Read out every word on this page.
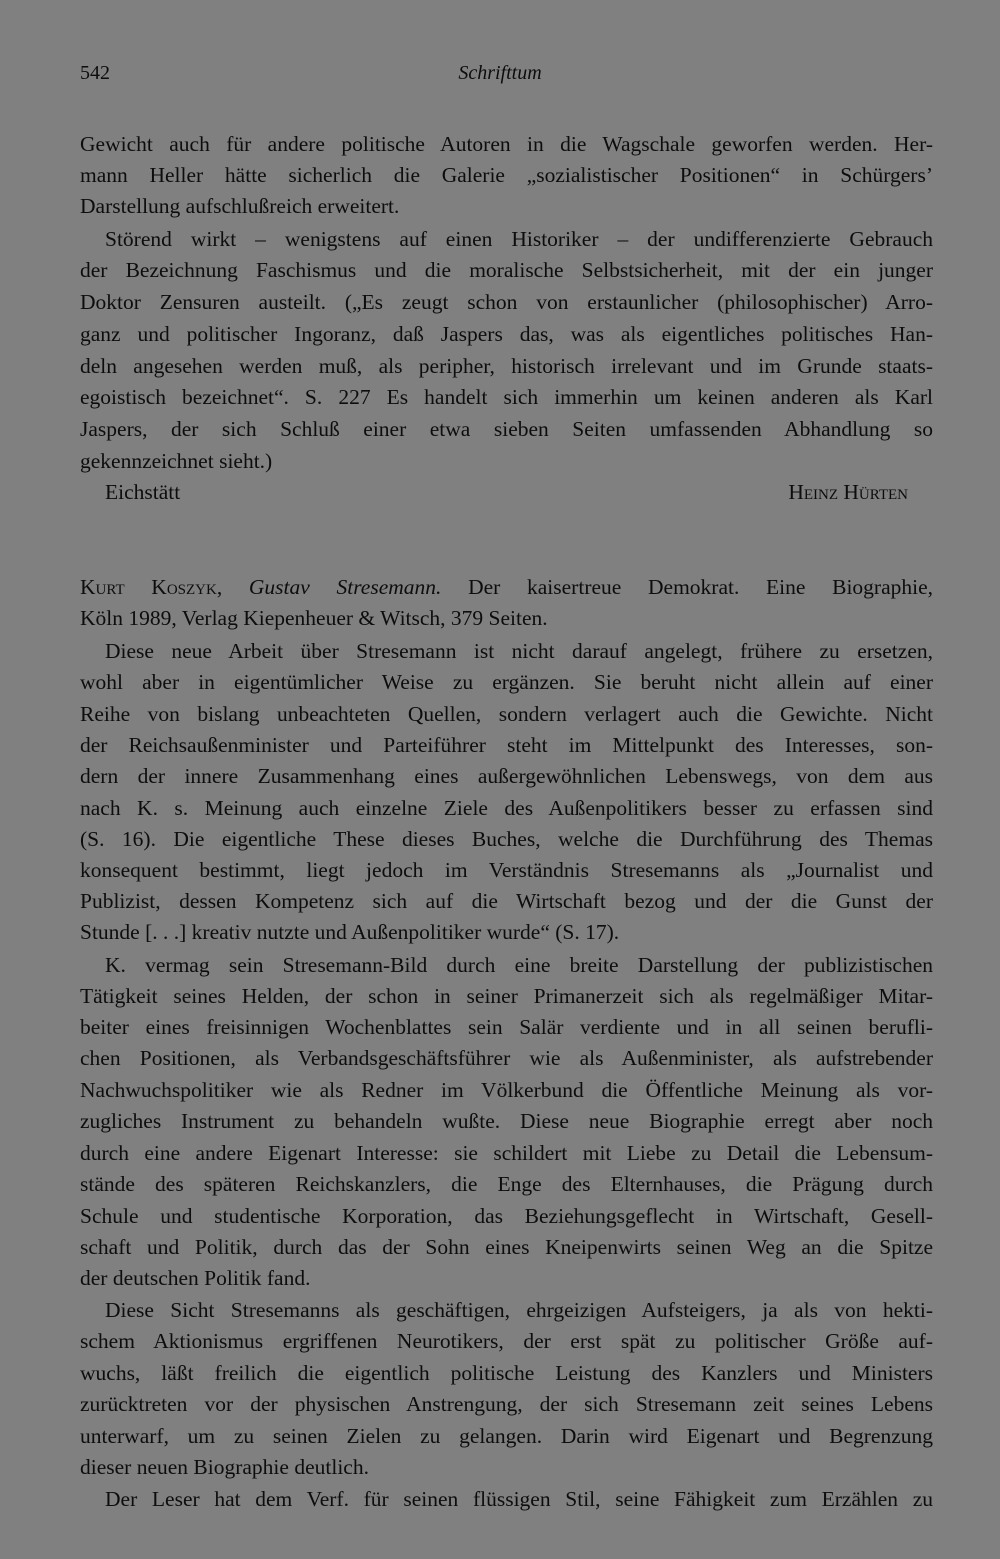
542	Schrifttum
Gewicht auch für andere politische Autoren in die Wagschale geworfen werden. Her-
mann Heller hätte sicherlich die Galerie „sozialistischer Positionen“ in Schürgers’
Darstellung aufschlußreich erweitert.
Störend wirkt – wenigstens auf einen Historiker – der undifferenzierte Gebrauch
der Bezeichnung Faschismus und die moralische Selbstsicherheit, mit der ein junger
Doktor Zensuren austeilt. („Es zeugt schon von erstaunlicher (philosophischer) Arro-
ganz und politischer Ingoranz, daß Jaspers das, was als eigentliches politisches Han-
deln angesehen werden muß, als peripher, historisch irrelevant und im Grunde staats-
egoistisch bezeichnet“. S. 227 Es handelt sich immerhin um keinen anderen als Karl
Jaspers, der sich Schluß einer etwa sieben Seiten umfassenden Abhandlung so
gekennzeichnet sieht.)
Eichstätt	Heinz Hürten
Kurt Koszyk, Gustav Stresemann. Der kaisertreue Demokrat. Eine Biographie,
Köln 1989, Verlag Kiepenheuer & Witsch, 379 Seiten.
Diese neue Arbeit über Stresemann ist nicht darauf angelegt, frühere zu ersetzen,
wohl aber in eigentümlicher Weise zu ergänzen. Sie beruht nicht allein auf einer
Reihe von bislang unbeachteten Quellen, sondern verlagert auch die Gewichte. Nicht
der Reichsaußenminister und Parteiführer steht im Mittelpunkt des Interesses, son-
dern der innere Zusammenhang eines außergewöhnlichen Lebenswegs, von dem aus
nach K. s. Meinung auch einzelne Ziele des Außenpolitikers besser zu erfassen sind
(S. 16). Die eigentliche These dieses Buches, welche die Durchführung des Themas
konsequent bestimmt, liegt jedoch im Verständnis Stresemanns als „Journalist und
Publizist, dessen Kompetenz sich auf die Wirtschaft bezog und der die Gunst der
Stunde [. . .] kreativ nutzte und Außenpolitiker wurde“ (S. 17).
K. vermag sein Stresemann-Bild durch eine breite Darstellung der publizistischen
Tätigkeit seines Helden, der schon in seiner Primanerzeit sich als regelmäßiger Mitar-
beiter eines freisinnigen Wochenblattes sein Salär verdiente und in all seinen berufli-
chen Positionen, als Verbandsgeschäftsführer wie als Außenminister, als aufstrebender
Nachwuchspolitiker wie als Redner im Völkerbund die Öffentliche Meinung als vor-
zugliches Instrument zu behandeln wußte. Diese neue Biographie erregt aber noch
durch eine andere Eigenart Interesse: sie schildert mit Liebe zu Detail die Lebensum-
stände des späteren Reichskanzlers, die Enge des Elternhauses, die Prägung durch
Schule und studentische Korporation, das Beziehungsgeflecht in Wirtschaft, Gesell-
schaft und Politik, durch das der Sohn eines Kneipenwirts seinen Weg an die Spitze
der deutschen Politik fand.
Diese Sicht Stresemanns als geschäftigen, ehrgeizigen Aufsteigers, ja als von hekti-
schem Aktionismus ergriffenen Neurotikers, der erst spät zu politischer Größe auf-
wuchs, läßt freilich die eigentlich politische Leistung des Kanzlers und Ministers
zurücktreten vor der physischen Anstrengung, der sich Stresemann zeit seines Lebens
unterwarf, um zu seinen Zielen zu gelangen. Darin wird Eigenart und Begrenzung
dieser neuen Biographie deutlich.
Der Leser hat dem Verf. für seinen flüssigen Stil, seine Fähigkeit zum Erzählen zu
